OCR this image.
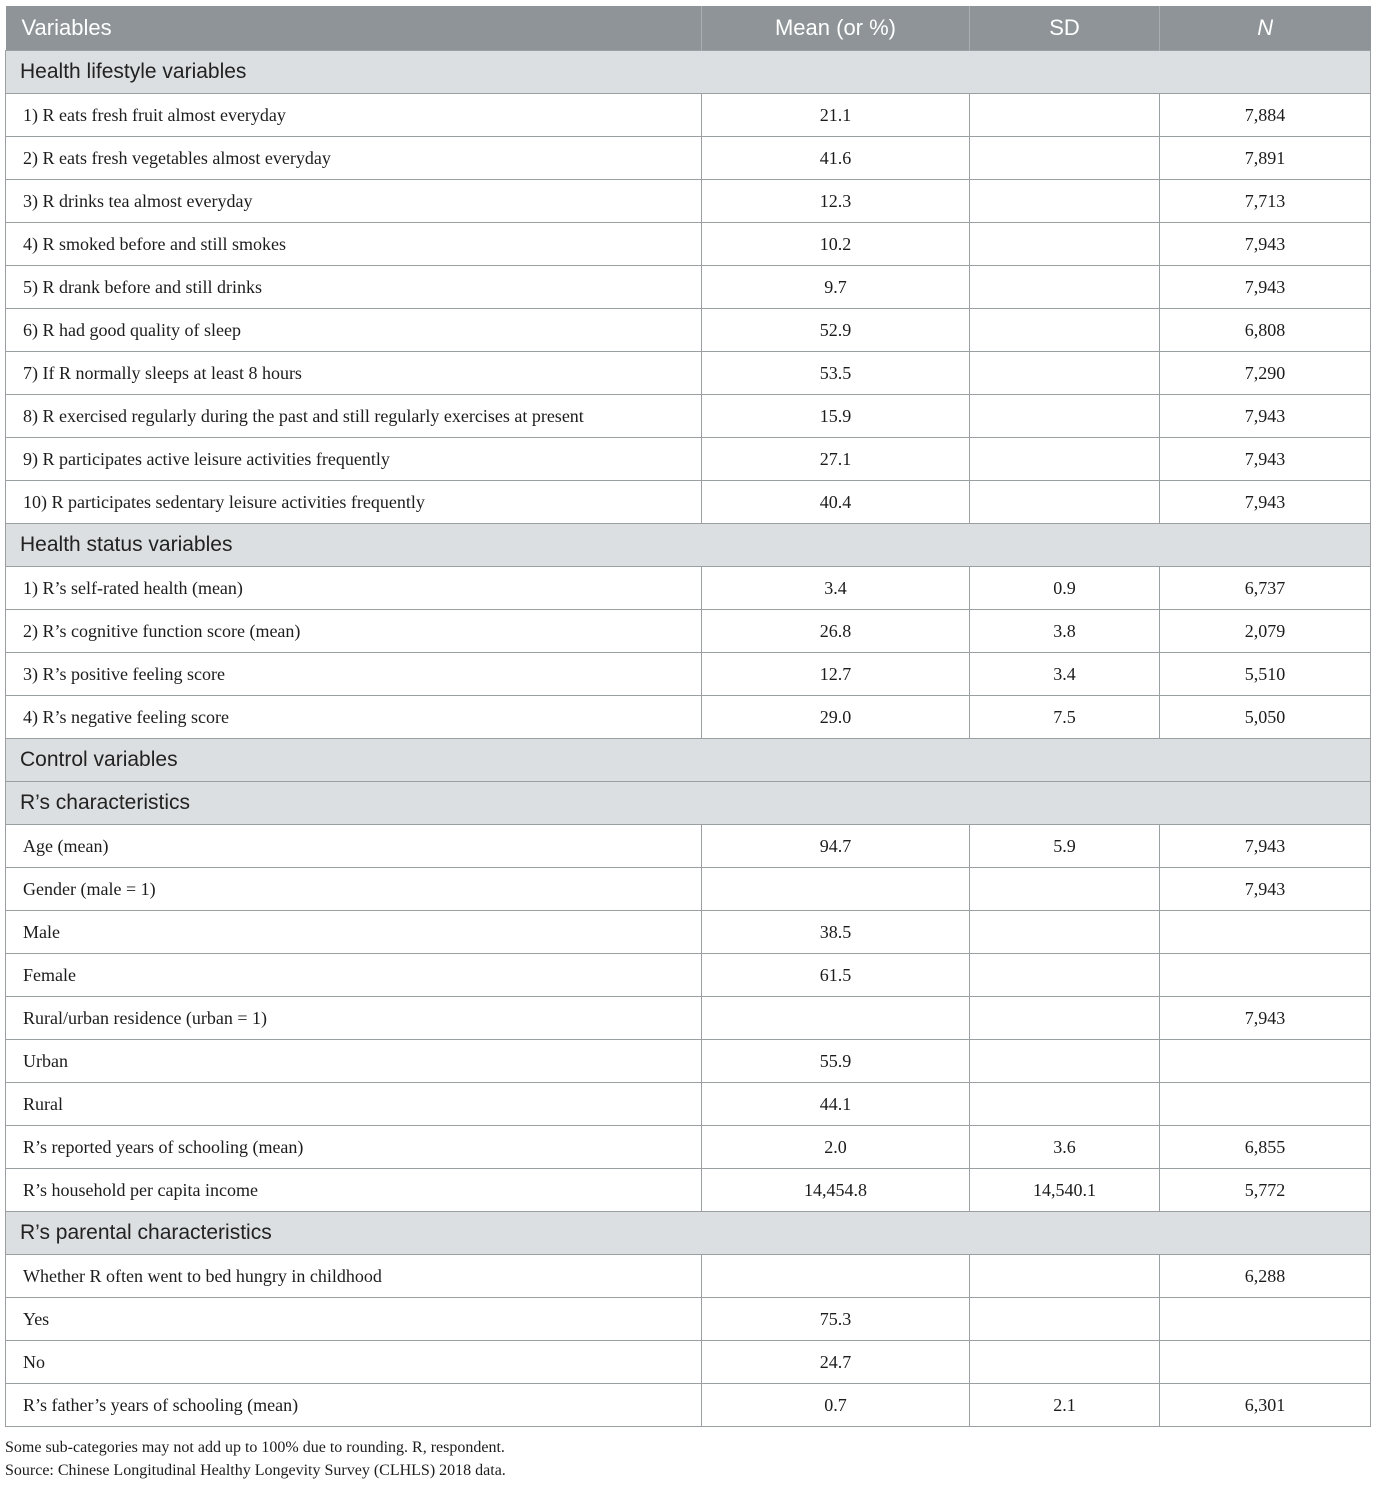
Variables	Mean (or %)	SD	N
Health lifestyle variables			
1) R eats fresh fruit almost everyday	21.1		7,884
2) R eats fresh vegetables almost everyday	41.6		7,891
3) R drinks tea almost everyday	12.3		7,713
4) R smoked before and still smokes	10.2		7,943
5) R drank before and still drinks	9.7		7,943
6) R had good quality of sleep	52.9		6,808
7) If R normally sleeps at least 8 hours	53.5		7,290
8) R exercised regularly during the past and still regularly exercises at present	15.9		7,943
9) R participates active leisure activities frequently	27.1		7,943
10) R participates sedentary leisure activities frequently	40.4		7,943
Health status variables			
1) R’s self-rated health (mean)	3.4	0.9	6,737
2) R’s cognitive function score (mean)	26.8	3.8	2,079
3) R’s positive feeling score	12.7	3.4	5,510
4) R’s negative feeling score	29.0	7.5	5,050
Control variables			
R’s characteristics			
Age (mean)	94.7	5.9	7,943
Gender (male = 1)			7,943
Male	38.5		
Female	61.5		
Rural/urban residence (urban = 1)			7,943
Urban	55.9		
Rural	44.1		
R’s reported years of schooling (mean)	2.0	3.6	6,855
R’s household per capita income	14,454.8	14,540.1	5,772
R’s parental characteristics			
Whether R often went to bed hungry in childhood			6,288
Yes	75.3		
No	24.7		
R’s father’s years of schooling (mean)	0.7	2.1	6,301
Some sub-categories may not add up to 100% due to rounding. R, respondent.
Source: Chinese Longitudinal Healthy Longevity Survey (CLHLS) 2018 data.
